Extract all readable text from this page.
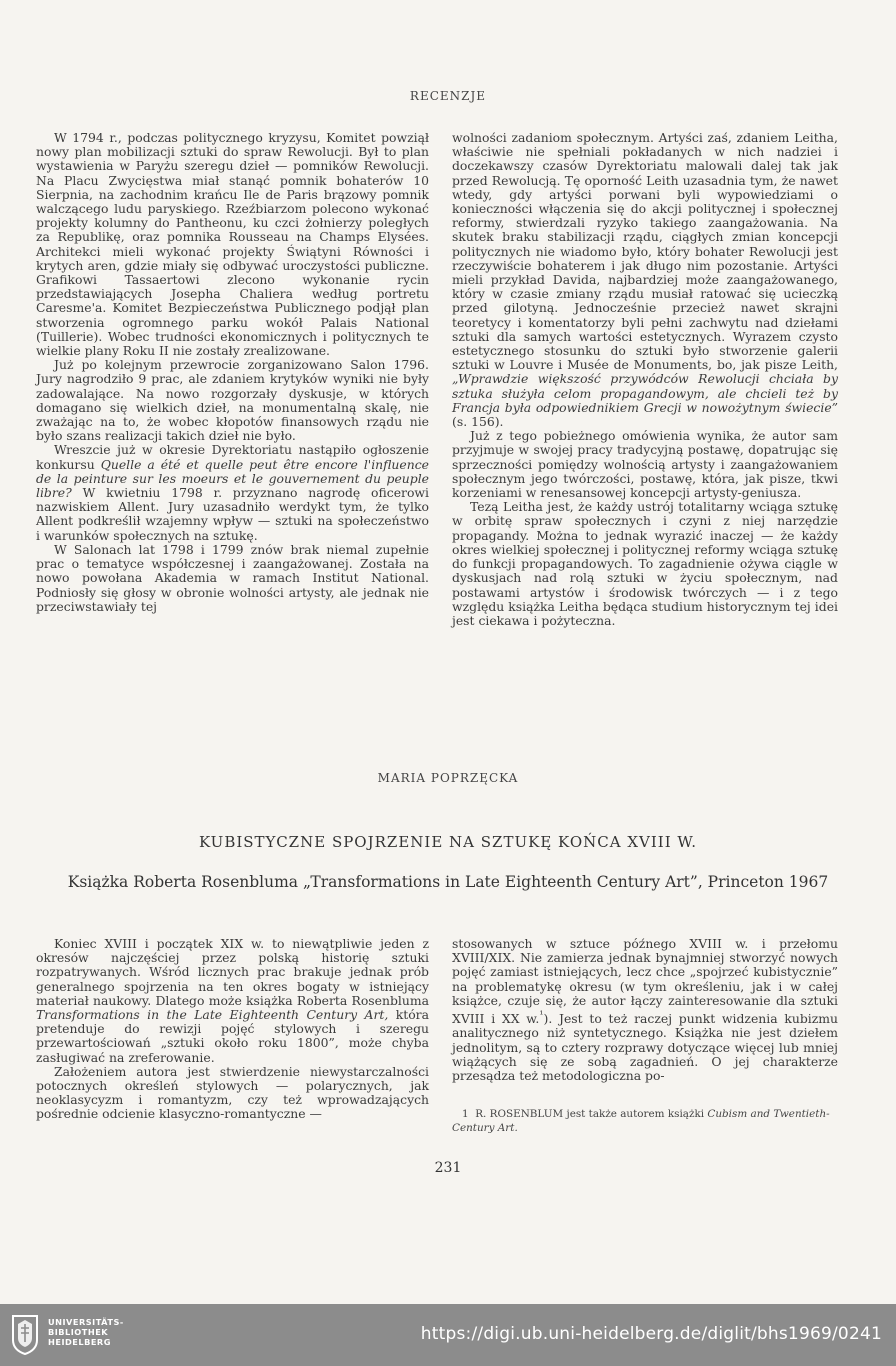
RECENZJE

W 1794 r., podczas politycznego kryzysu, Komitet powziął nowy plan mobilizacji sztuki do spraw Rewolucji. Był to plan wystawienia w Paryżu szeregu dzieł — pomników Rewolucji. Na Placu Zwycięstwa miał stanąć pomnik bohaterów 10 Sierpnia, na zachodnim krańcu Ile de Paris brązowy pomnik walczącego ludu paryskiego. Rzeźbiarzom polecono wykonać projekty kolumny do Pantheonu, ku czci żołnierzy poległych za Republikę, oraz pomnika Rousseau na Champs Elysées. Architekci mieli wykonać projekty Świątyni Równości i krytych aren, gdzie miały się odbywać uroczystości publiczne. Grafikowi Tassaertowi zlecono wykonanie rycin przedstawiających Josepha Chaliera według portretu Caresme'a. Komitet Bezpieczeństwa Publicznego podjął plan stworzenia ogromnego parku wokół Palais National (Tuillerie). Wobec trudności ekonomicznych i politycznych te wielkie plany Roku II nie zostały zrealizowane.

Już po kolejnym przewrocie zorganizowano Salon 1796. Jury nagrodziło 9 prac, ale zdaniem krytyków wyniki nie były zadowalające. Na nowo rozgorzały dyskusje, w których domagano się wielkich dzieł, na monumentalną skalę, nie zważając na to, że wobec kłopotów finansowych rządu nie było szans realizacji takich dzieł nie było.

Wreszcie już w okresie Dyrektoriatu nastąpiło ogłoszenie konkursu Quelle a été et quelle peut être encore l'influence de la peinture sur les moeurs et le gouvernement du peuple libre? W kwietniu 1798 r. przyznano nagrodę oficerowi nazwiskiem Allent. Jury uzasadniło werdykt tym, że tylko Allent podkreślił wzajemny wpływ — sztuki na społeczeństwo i warunków społecznych na sztukę.

W Salonach lat 1798 i 1799 znów brak niemal zupełnie prac o tematyce współczesnej i zaangażowanej. Została na nowo powołana Akademia w ramach Institut National. Podniosły się głosy w obronie wolności artysty, ale jednak nie przeciwstawiały tej

wolności zadaniom społecznym. Artyści zaś, zdaniem Leitha, właściwie nie spełniali pokładanych w nich nadziei i doczekawszy czasów Dyrektoriatu malowali dalej tak jak przed Rewolucją. Tę oporność Leith uzasadnia tym, że nawet wtedy, gdy artyści porwani byli wypowiedziami o konieczności włączenia się do akcji politycznej i społecznej reformy, stwierdzali ryzyko takiego zaangażowania. Na skutek braku stabilizacji rządu, ciągłych zmian koncepcji politycznych nie wiadomo było, który bohater Rewolucji jest rzeczywiście bohaterem i jak długo nim pozostanie. Artyści mieli przykład Davida, najbardziej może zaangażowanego, który w czasie zmiany rządu musiał ratować się ucieczką przed gilotyną. Jednocześnie przecież nawet skrajni teoretycy i komentatorzy byli pełni zachwytu nad dziełami sztuki dla samych wartości estetycznych. Wyrazem czysto estetycznego stosunku do sztuki było stworzenie galerii sztuki w Louvre i Musée de Monuments, bo, jak pisze Leith, „Wprawdzie większość przywódców Rewolucji chciała by sztuka służyła celom propagandowym, ale chcieli też by Francja była odpowiednikiem Grecji w nowożytnym świecie” (s. 156).

Już z tego pobieżnego omówienia wynika, że autor sam przyjmuje w swojej pracy tradycyjną postawę, dopatrując się sprzeczności pomiędzy wolnością artysty i zaangażowaniem społecznym jego twórczości, postawę, która, jak pisze, tkwi korzeniami w renesansowej koncepcji artysty-geniusza.

Tezą Leitha jest, że każdy ustrój totalitarny wciąga sztukę w orbitę spraw społecznych i czyni z niej narzędzie propagandy. Można to jednak wyrazić inaczej — że każdy okres wielkiej społecznej i politycznej reformy wciąga sztukę do funkcji propagandowych. To zagadnienie ożywa ciągle w dyskusjach nad rolą sztuki w życiu społecznym, nad postawami artystów i środowisk twórczych — i z tego względu książka Leitha będąca studium historycznym tej idei jest ciekawa i pożyteczna.

MARIA POPRZĘCKA
KUBISTYCZNE SPOJRZENIE NA SZTUKĘ KOŃCA XVIII W.
Książka Roberta Rosenbluma „Transformations in Late Eighteenth Century Art”, Princeton 1967

Koniec XVIII i początek XIX w. to niewątpliwie jeden z okresów najczęściej przez polską historię sztuki rozpatrywanych. Wśród licznych prac brakuje jednak prób generalnego spojrzenia na ten okres bogaty w istniejący materiał naukowy. Dlatego może książka Roberta Rosenbluma Transformations in the Late Eighteenth Century Art, która pretenduje do rewizji pojęć stylowych i szeregu przewartościowań „sztuki około roku 1800”, może chyba zasługiwać na zreferowanie.

Założeniem autora jest stwierdzenie niewystarczalności potocznych określeń stylowych — polarycznych, jak neoklasycyzm i romantyzm, czy też wprowadzających pośrednie odcienie klasyczno-romantyczne —

stosowanych w sztuce późnego XVIII w. i przełomu XVIII/XIX. Nie zamierza jednak bynajmniej stworzyć nowych pojęć zamiast istniejących, lecz chce „spojrzeć kubistycznie” na problematykę okresu (w tym określeniu, jak i w całej książce, czuje się, że autor łączy zainteresowanie dla sztuki XVIII i XX w.$^{^1}$). Jest to też raczej punkt widzenia kubizmu analitycznego niż syntetycznego. Książka nie jest dziełem jednolitym, są to cztery rozprawy dotyczące więcej lub mniej wiążących się ze sobą zagadnień. O jej charakterze przesądza też metodologiczna po-

1 R. ROSENBLUM jest także autorem książki Cubism and Twentieth-Century Art.

231
UNIVERSITÄTS-
BIBLIOTHEK
HEIDELBERG	https://digi.ub.uni-heidelberg.de/diglit/bhs1969/0241
